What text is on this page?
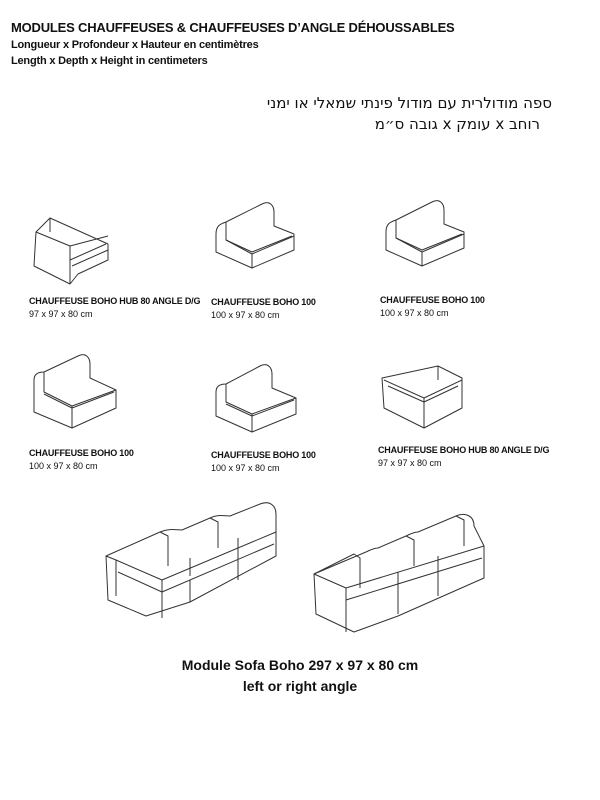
MODULES CHAUFFEUSES & CHAUFFEUSES D’ANGLE DÉHOUSSABLES
Longueur x Profondeur x Hauteur en centimètres
Length x Depth x Height in centimeters
ספה מודולרית עם מודול פינתי שמאלי או ימני
רוחב x עומק x גובה ס״מ
CHAUFFEUSE BOHO HUB 80 ANGLE D/G
97 x 97 x 80 cm
CHAUFFEUSE BOHO 100
100 x 97 x 80 cm
CHAUFFEUSE BOHO 100
100 x 97 x 80 cm
CHAUFFEUSE BOHO 100
100 x 97 x 80 cm
CHAUFFEUSE BOHO 100
100 x 97 x 80 cm
CHAUFFEUSE BOHO HUB 80 ANGLE D/G
97 x 97 x 80 cm
Module Sofa Boho 297 x 97 x 80 cm
left or right angle
